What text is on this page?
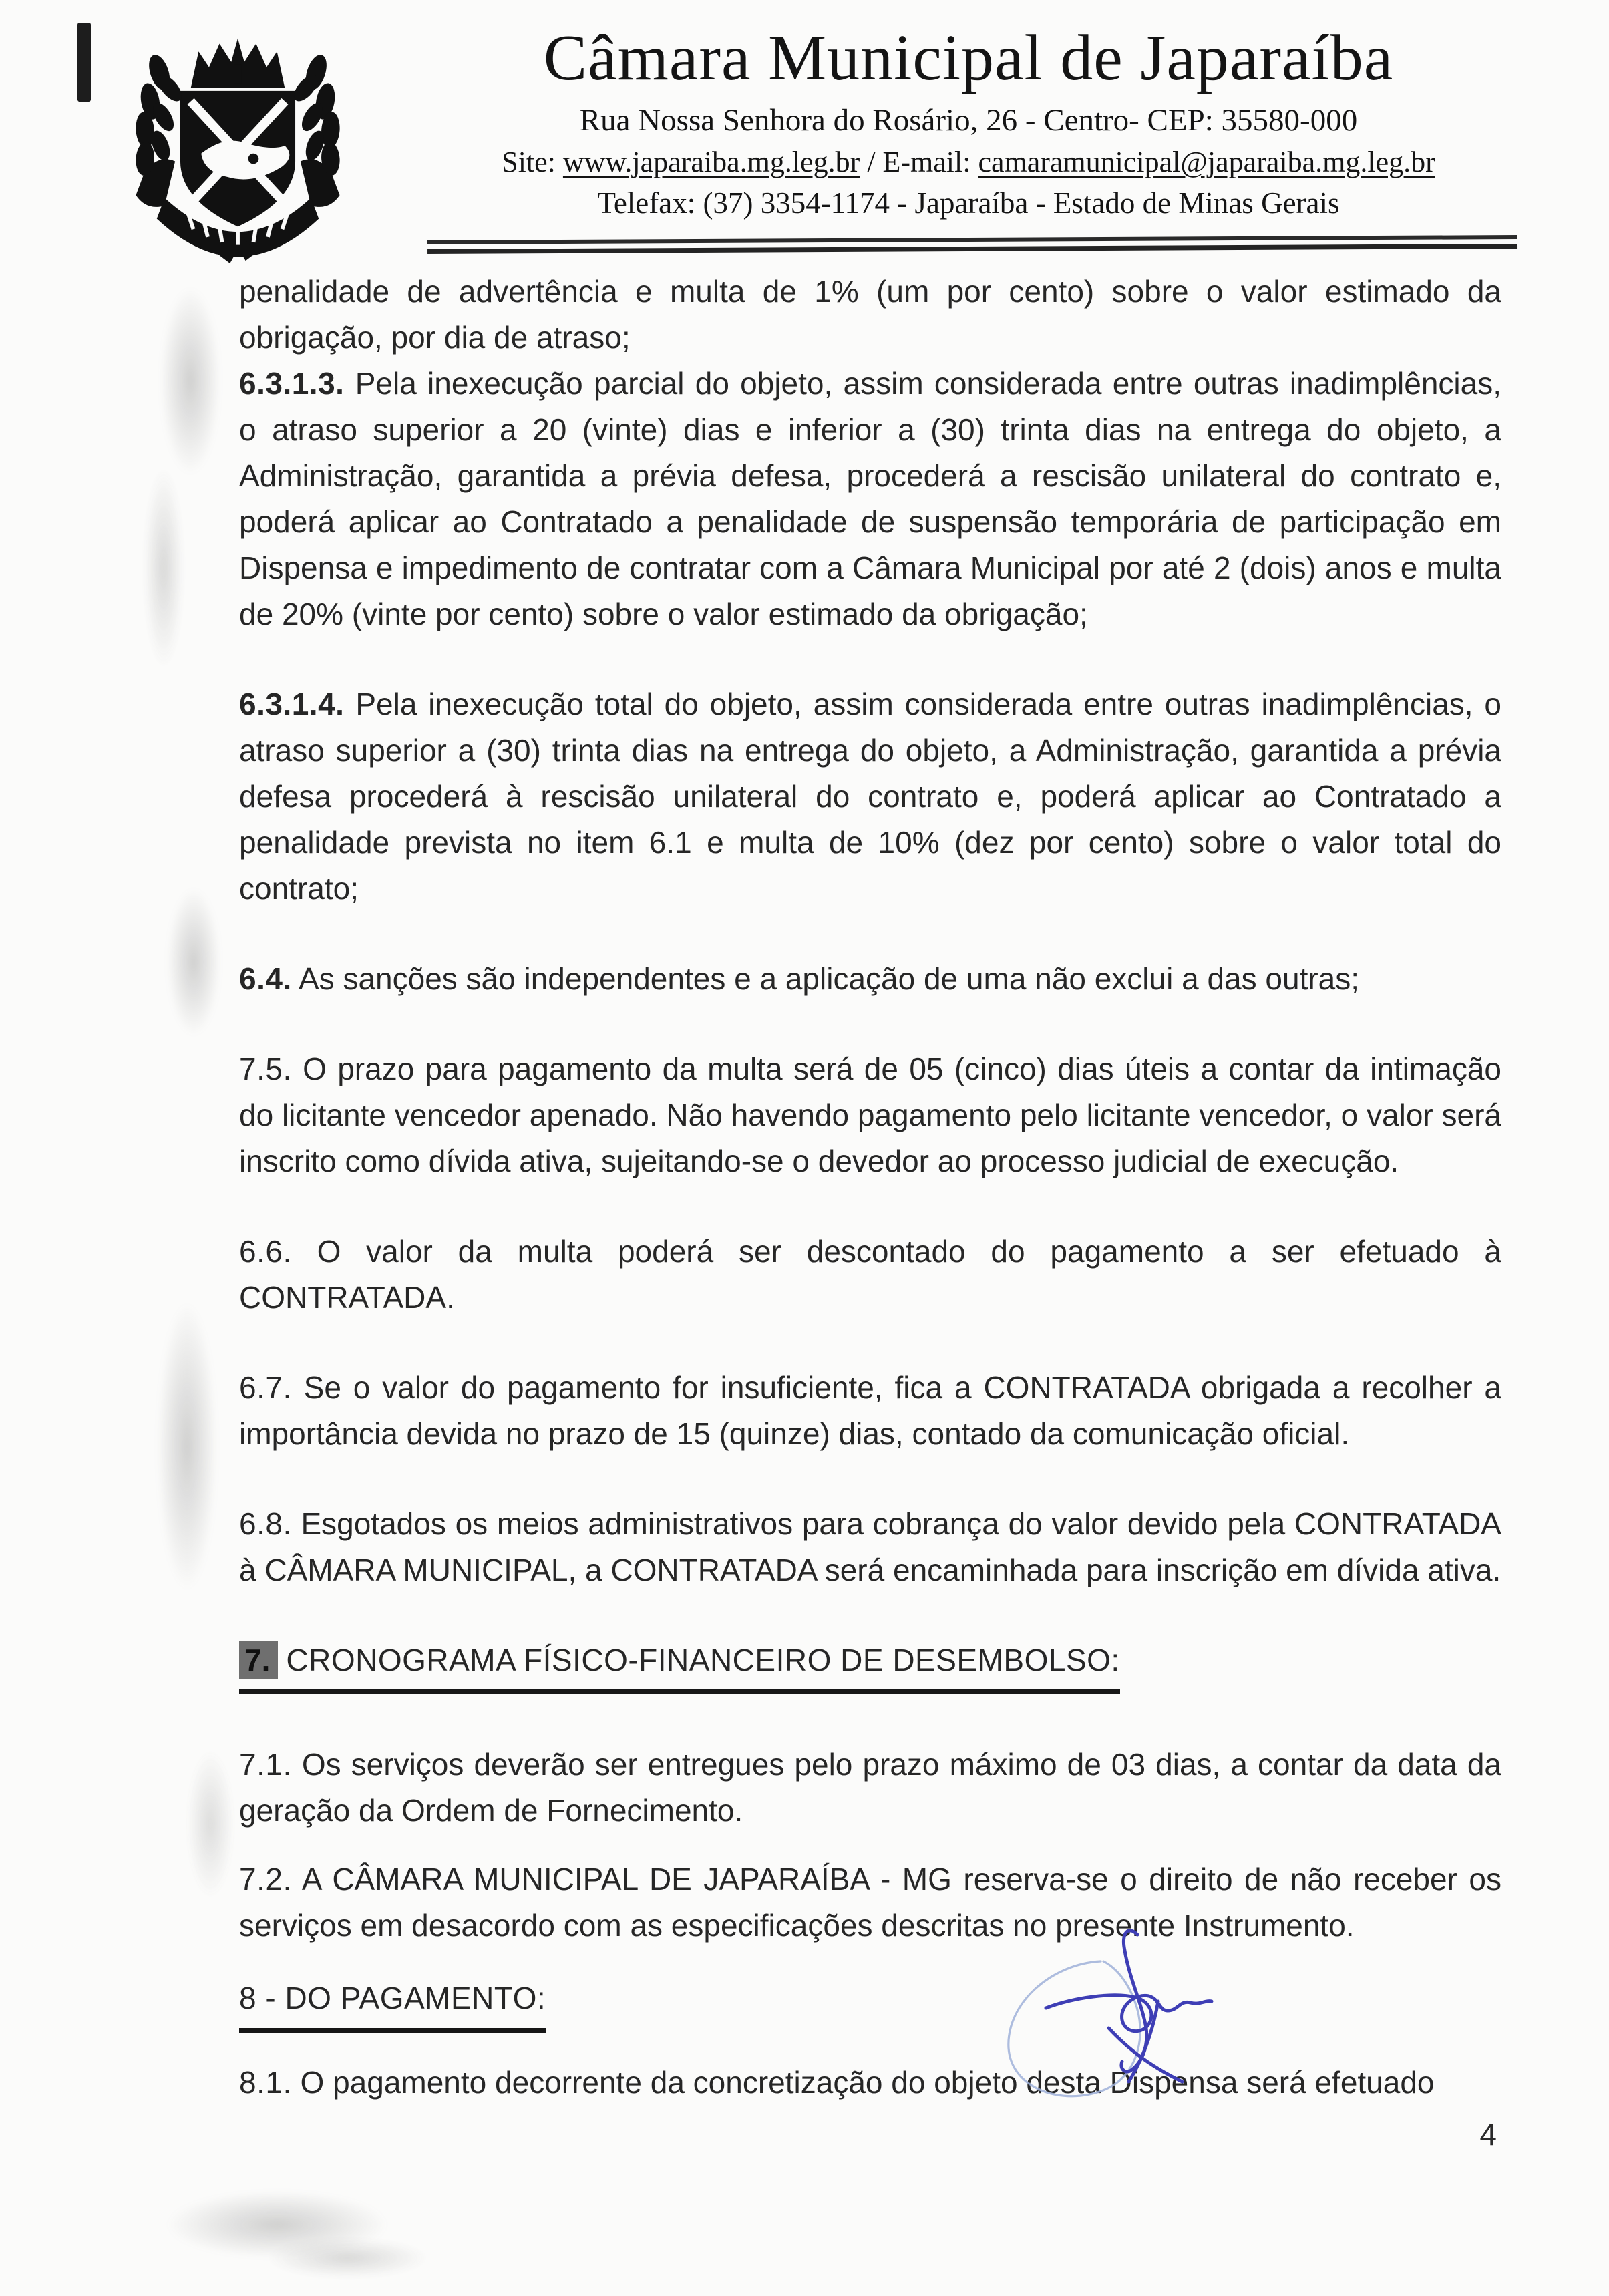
Câmara Municipal de Japaraíba
Rua Nossa Senhora do Rosário, 26 - Centro- CEP: 35580-000
Site: www.japaraiba.mg.leg.br / E-mail: camaramunicipal@japaraiba.mg.leg.br
Telefax: (37) 3354-1174 - Japaraíba - Estado de Minas Gerais

penalidade de advertência e multa de 1% (um por cento) sobre o valor estimado da obrigação, por dia de atraso;

6.3.1.3. Pela inexecução parcial do objeto, assim considerada entre outras inadimplências, o atraso superior a 20 (vinte) dias e inferior a (30) trinta dias na entrega do objeto, a Administração, garantida a prévia defesa, procederá a rescisão unilateral do contrato e, poderá aplicar ao Contratado a penalidade de suspensão temporária de participação em Dispensa e impedimento de contratar com a Câmara Municipal por até 2 (dois) anos e multa de 20% (vinte por cento) sobre o valor estimado da obrigação;

6.3.1.4. Pela inexecução total do objeto, assim considerada entre outras inadimplências, o atraso superior a (30) trinta dias na entrega do objeto, a Administração, garantida a prévia defesa procederá à rescisão unilateral do contrato e, poderá aplicar ao Contratado a penalidade prevista no item 6.1 e multa de 10% (dez por cento) sobre o valor total do contrato;

6.4. As sanções são independentes e a aplicação de uma não exclui a das outras;

7.5. O prazo para pagamento da multa será de 05 (cinco) dias úteis a contar da intimação do licitante vencedor apenado. Não havendo pagamento pelo licitante vencedor, o valor será inscrito como dívida ativa, sujeitando-se o devedor ao processo judicial de execução.

6.6. O valor da multa poderá ser descontado do pagamento a ser efetuado à CONTRATADA.

6.7. Se o valor do pagamento for insuficiente, fica a CONTRATADA obrigada a recolher a importância devida no prazo de 15 (quinze) dias, contado da comunicação oficial.

6.8. Esgotados os meios administrativos para cobrança do valor devido pela CONTRATADA à CÂMARA MUNICIPAL, a CONTRATADA será encaminhada para inscrição em dívida ativa.

7. CRONOGRAMA FÍSICO-FINANCEIRO DE DESEMBOLSO:

7.1. Os serviços deverão ser entregues pelo prazo máximo de 03 dias, a contar da data da geração da Ordem de Fornecimento.

7.2. A CÂMARA MUNICIPAL DE JAPARAÍBA - MG reserva-se o direito de não receber os serviços em desacordo com as especificações descritas no presente Instrumento.

8 - DO PAGAMENTO:

8.1. O pagamento decorrente da concretização do objeto desta Dispensa será efetuado

4
